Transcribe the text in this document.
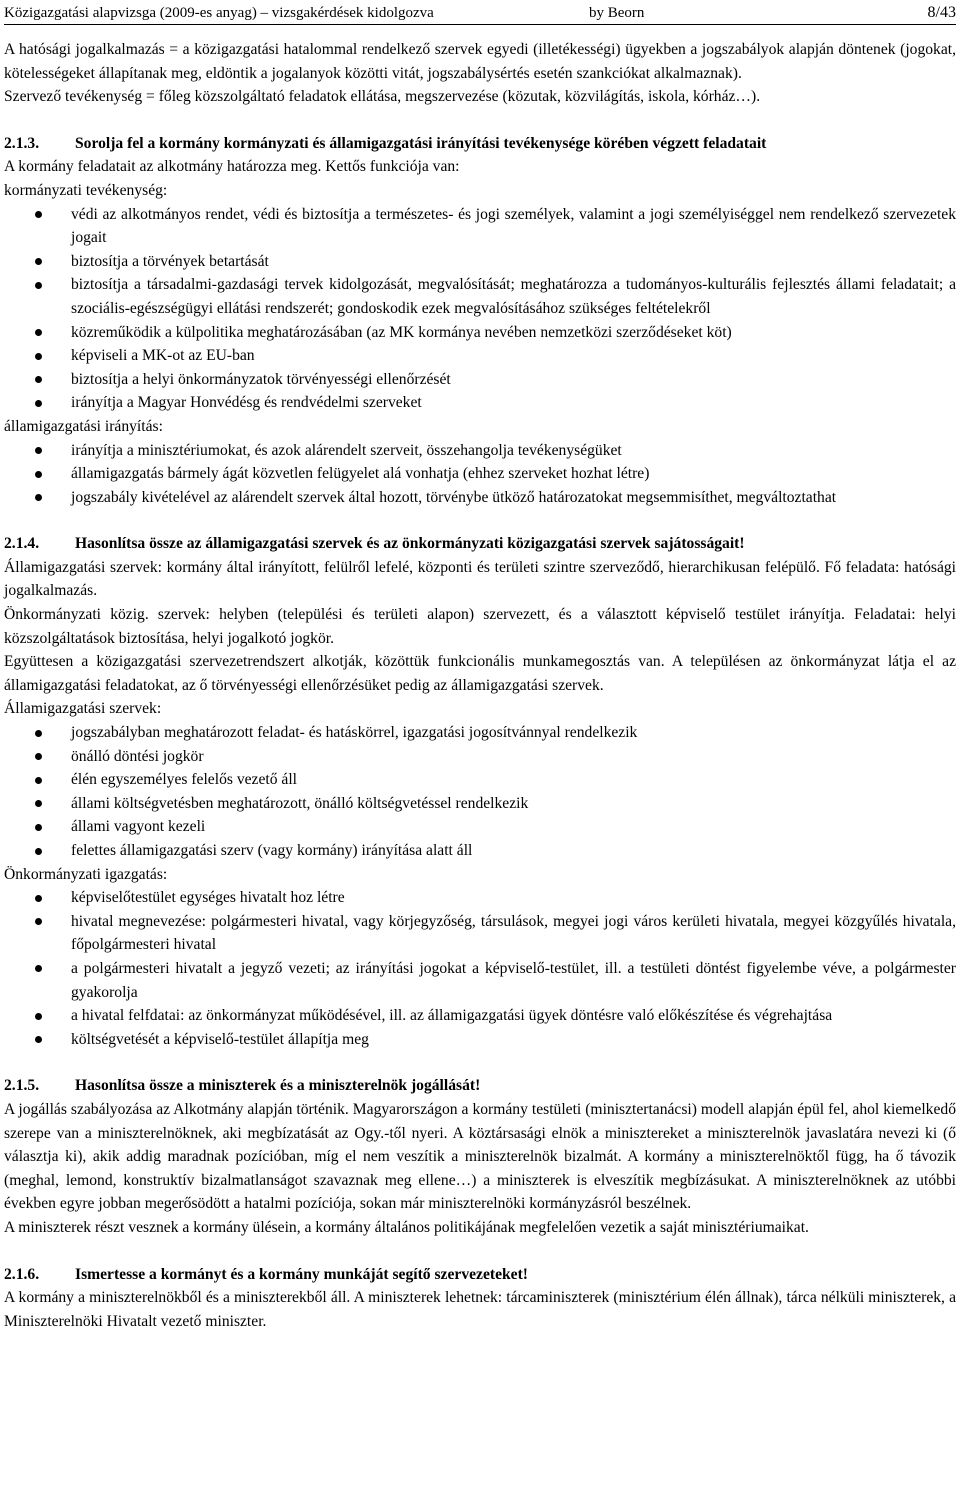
Közigazgatási alapvizsga (2009-es anyag) – vizsgakérdések kidolgozva	by Beorn	8/43

A hatósági jogalkalmazás = a közigazgatási hatalommal rendelkező szervek egyedi (illetékességi) ügyekben a jogszabályok alapján döntenek (jogokat, kötelességeket állapítanak meg, eldöntik a jogalanyok közötti vitát, jogszabálysértés esetén szankciókat alkalmaznak).

Szervező tevékenység = főleg közszolgáltató feladatok ellátása, megszervezése (közutak, közvilágítás, iskola, kórház…).

2.1.3.	Sorolja fel a kormány kormányzati és államigazgatási irányítási tevékenysége körében végzett feladatait

A kormány feladatait az alkotmány határozza meg. Kettős funkciója van:

kormányzati tevékenység:

védi az alkotmányos rendet, védi és biztosítja a természetes- és jogi személyek, valamint a jogi személyiséggel nem rendelkező szervezetek jogait
biztosítja a törvények betartását
biztosítja a társadalmi-gazdasági tervek kidolgozását, megvalósítását; meghatározza a tudományos-kulturális fejlesztés állami feladatait; a szociális-egészségügyi ellátási rendszerét; gondoskodik ezek megvalósításához szükséges feltételekről
közreműködik a külpolitika meghatározásában (az MK kormánya nevében nemzetközi szerződéseket köt)
képviseli a MK-ot az EU-ban
biztosítja a helyi önkormányzatok törvényességi ellenőrzését
irányítja a Magyar Honvédésg és rendvédelmi szerveket

államigazgatási irányítás:

irányítja a minisztériumokat, és azok alárendelt szerveit, összehangolja tevékenységüket
államigazgatás bármely ágát közvetlen felügyelet alá vonhatja (ehhez szerveket hozhat létre)
jogszabály kivételével az alárendelt szervek által hozott, törvénybe ütköző határozatokat megsemmisíthet, megváltoztathat
2.1.4.	Hasonlítsa össze az államigazgatási szervek és az önkormányzati közigazgatási szervek sajátosságait!

Államigazgatási szervek: kormány által irányított, felülről lefelé, központi és területi szintre szerveződő, hierarchikusan felépülő. Fő feladata: hatósági jogalkalmazás.

Önkormányzati közig. szervek: helyben (települési és területi alapon) szervezett, és a választott képviselő testület irányítja. Feladatai: helyi közszolgáltatások biztosítása, helyi jogalkotó jogkör.

Együttesen a közigazgatási szervezetrendszert alkotják, közöttük funkcionális munkamegosztás van. A településen az önkormányzat látja el az államigazgatási feladatokat, az ő törvényességi ellenőrzésüket pedig az államigazgatási szervek.

Államigazgatási szervek:

jogszabályban meghatározott feladat- és hatáskörrel, igazgatási jogosítvánnyal rendelkezik
önálló döntési jogkör
élén egyszemélyes felelős vezető áll
állami költségvetésben meghatározott, önálló költségvetéssel rendelkezik
állami vagyont kezeli
felettes államigazgatási szerv (vagy kormány) irányítása alatt áll

Önkormányzati igazgatás:

képviselőtestület egységes hivatalt hoz létre
hivatal megnevezése: polgármesteri hivatal, vagy körjegyzőség, társulások, megyei jogi város kerületi hivatala, megyei közgyűlés hivatala, főpolgármesteri hivatal
a polgármesteri hivatalt a jegyző vezeti; az irányítási jogokat a képviselő-testület, ill. a testületi döntést figyelembe véve, a polgármester gyakorolja
a hivatal felfdatai: az önkormányzat működésével, ill. az államigazgatási ügyek döntésre való előkészítése és végrehajtása
költségvetését a képviselő-testület állapítja meg
2.1.5.	Hasonlítsa össze a miniszterek és a miniszterelnök jogállását!

A jogállás szabályozása az Alkotmány alapján történik. Magyarországon a kormány testületi (minisztertanácsi) modell alapján épül fel, ahol kiemelkedő szerepe van a miniszterelnöknek, aki megbízatását az Ogy.-től nyeri. A köztársasági elnök a minisztereket a miniszterelnök javaslatára nevezi ki (ő választja ki), akik addig maradnak pozícióban, míg el nem veszítik a miniszterelnök bizalmát. A kormány a miniszterelnöktől függ, ha ő távozik (meghal, lemond, konstruktív bizalmatlanságot szavaznak meg ellene…) a miniszterek is elveszítik megbízásukat. A miniszterelnöknek az utóbbi években egyre jobban megerősödött a hatalmi pozíciója, sokan már miniszterelnöki kormányzásról beszélnek.

A miniszterek részt vesznek a kormány ülésein, a kormány általános politikájának megfelelően vezetik a saját minisztériumaikat.

2.1.6.	Ismertesse a kormányt és a kormány munkáját segítő szervezeteket!

A kormány a miniszterelnökből és a miniszterekből áll. A miniszterek lehetnek: tárcaminiszterek (minisztérium élén állnak), tárca nélküli miniszterek, a Miniszterelnöki Hivatalt vezető miniszter.
